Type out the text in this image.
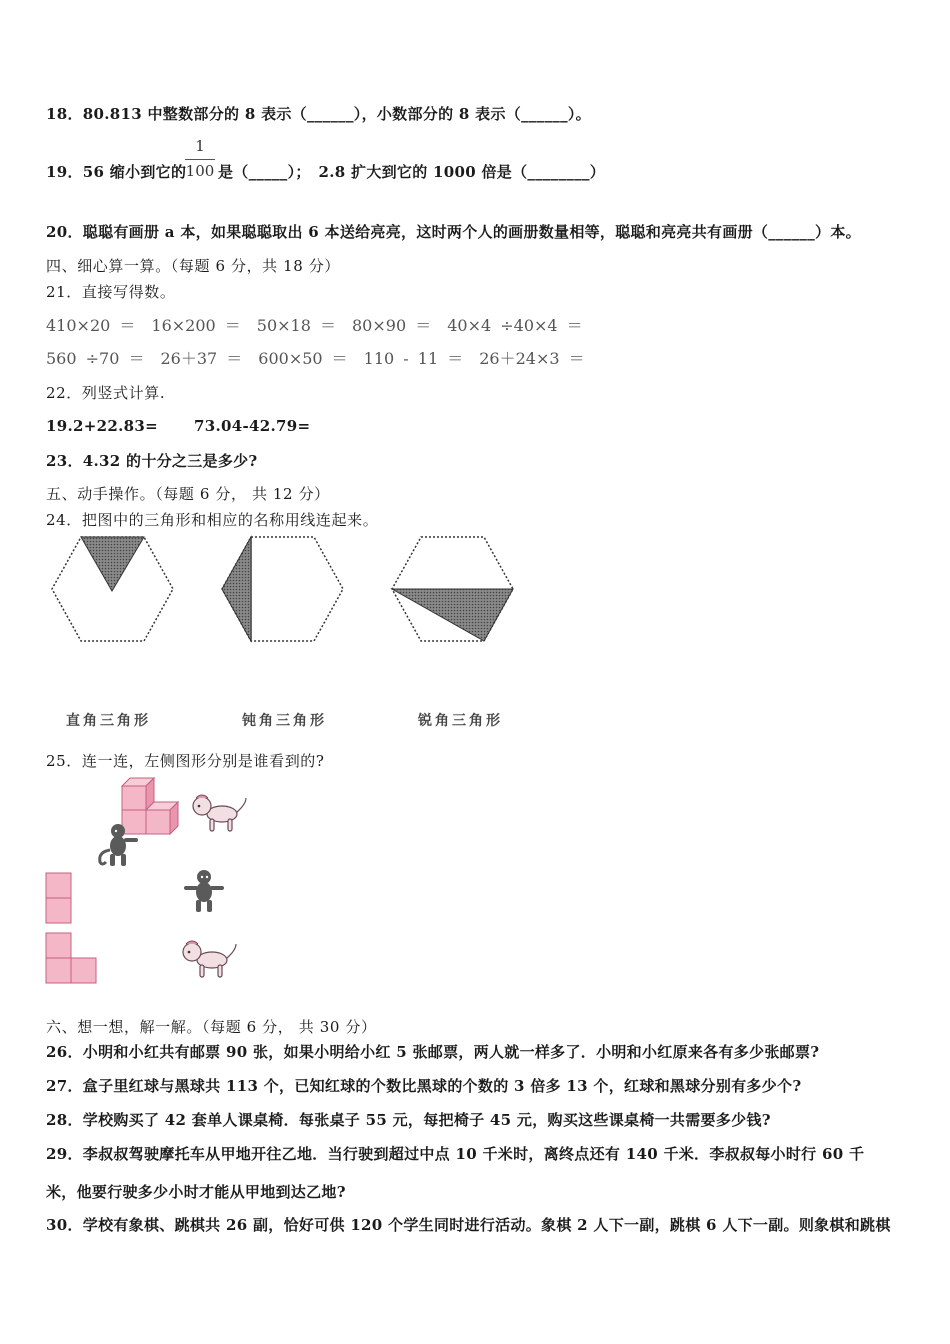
18．80.813 中整数部分的 8 表示（______），小数部分的 8 表示（______）。
19．56 缩小到它的
1
100 是（_____）；　2.8 扩大到它的 1000 倍是（________）
20．聪聪有画册 a 本，如果聪聪取出 6 本送给亮亮，这时两个人的画册数量相等，聪聪和亮亮共有画册（______）本。
四、细心算一算。（每题 6 分，共 18 分）
21．直接写得数。
410×20 ＝　16×200 ＝　50×18 ＝　80×90 ＝　40×4 ÷40×4 ＝
560 ÷70 ＝　26＋37 ＝　600×50 ＝　110 - 11 ＝　26＋24×3 ＝
22．列竖式计算.
19.2+22.83=　　 73.04-42.79=
23．4.32 的十分之三是多少?
五、动手操作。（每题 6 分， 共 12 分）
24．把图中的三角形和相应的名称用线连起来。
直角三角形	钝角三角形	锐角三角形
25．连一连，左侧图形分别是谁看到的?
六、想一想，解一解。（每题 6 分， 共 30 分）
26．小明和小红共有邮票 90 张，如果小明给小红 5 张邮票，两人就一样多了．小明和小红原来各有多少张邮票?
27．盒子里红球与黑球共 113 个，已知红球的个数比黑球的个数的 3 倍多 13 个，红球和黑球分别有多少个?
28．学校购买了 42 套单人课桌椅．每张桌子 55 元，每把椅子 45 元，购买这些课桌椅一共需要多少钱?
29．李叔叔驾驶摩托车从甲地开往乙地．当行驶到超过中点 10 千米时，离终点还有 140 千米．李叔叔每小时行 60 千
米，他要行驶多少小时才能从甲地到达乙地?
30．学校有象棋、跳棋共 26 副，恰好可供 120 个学生同时进行活动。象棋 2 人下一副，跳棋 6 人下一副。则象棋和跳棋
